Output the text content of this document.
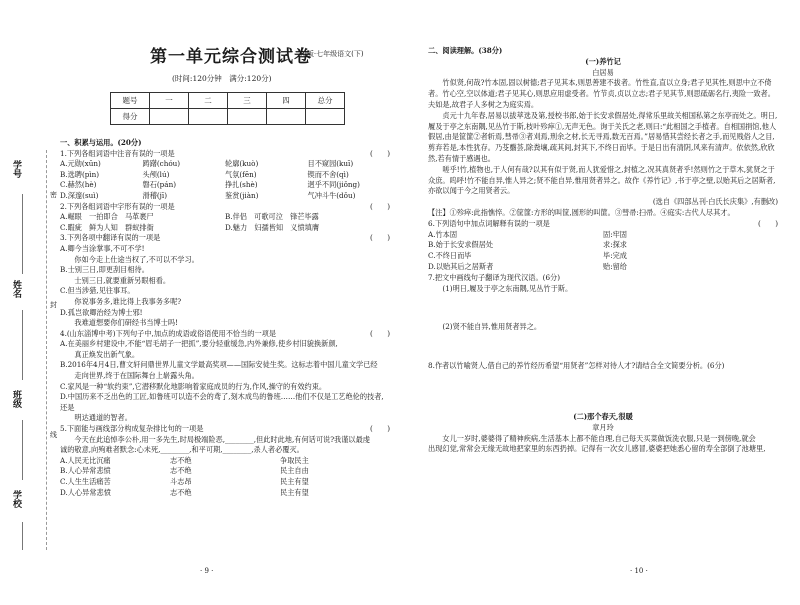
学号
姓名
班级
学校
密
封
线
第一单元综合测试卷
RJ版·七年级语文(下)
(时间:120分钟　满分:120分)
题号	一	二	三	四	总分
得分					
一、积累与运用。(20分)
1.下列各组词语中注音有误的一项是	(　　)
A.元勋(xūn)	踌躇(chóu)	轮廓(kuò)	目不窥园(kuī)
B.选聘(pìn)	头颅(lú)	气氛(fēn)	锲而不舍(qì)
C.赫然(hè)	磐石(pán)	挣扎(shè)	迥乎不同(jiǒng)
D.深邃(suì)	滑稽(jī)	鉴赏(jiàn)	气冲斗牛(dǒu)
2.下列各组词语中字形有误的一项是	(　　)
A.崛眼　一拍即合　马革裹尸	B.伴侣　可歌可泣　锋芒毕露
C.暇疵　鲜为人知　群蚁排衙	D.魅力　妇孺皆知　义愤填膺
3.下列各项中翻译有误的一项是	(　　)
A.卿今当涂掌事,不可不学!
你如今走上仕途当权了,不可以不学习。
B.士别三日,即更刮目相待。
士别三日,就要重新另眼相看。
C.但当涉猎,见往事耳。
你说事务多,谁比得上我事务多呢?
D.孤岂欲卿治经为博士邪!
我难道想要你们研经书当博士吗!
4.(山东淄博中考)下列句子中,加点的成语或俗语使用不恰当的一项是	(　　)
A.在美丽乡村建设中,不能“眉毛胡子一把抓”,要分轻重缓急,内外兼修,使乡村旧貌换新颜,
真正焕发出新气象。
B.2016年4月4日,曹文轩问鼎世界儿童文学最高奖项——国际安徒生奖。这标志着中国儿童文学已经
走向世界,终于在国际舞台上崭露头角。
C.家风是一种“软约束”,它潜移默化地影响着家庭成员的行为,作风,操守的有效约束。
D.中国历来不乏出色的工匠,如鲁班可以造不会的鸢了,刻木成鸟的鲁班……他们不仅是工艺绝伦的技者,还是
明达通道的智者。
5.下面能与画线部分构成复杂排比句的一项是	(　　)
今天在此追悼李公朴,用一多先生,时局极端险恶,________,但此时此地,有何话可说?我谨以最虔
诚的敬意,向殉难者默念:心未死,________,和平可期,________,杀人者必覆灭。
A.人民无比沉痛	志不绝	争取民主
B.人心异常悲愤	志不绝	民主自由
C.人生生活痛苦	斗志昂	民主有望
D.人心异常悲愤	志不绝	民主有望
· 9 ·
二、阅读理解。(38分)
(一)养竹记
白居易
竹似贤,何哉?竹本固,固以树德;君子见其本,则思善建不拔者。竹性直,直以立身;君子见其性,则思中立不倚者。竹心空,空以体道;君子见其心,则思应用虚受者。竹节贞,贞以立志;君子见其节,则思砥砺名行,夷险一致者。夫如是,故君子人多树之为庭实焉。
贞元十九年春,居易以拔萃选及第,授校书郎,始于长安求假居处,得常乐里故关相国私第之东亭而处之。明日,履及于亭之东南隅,见丛竹于斯,枝叶殄瘁①,无声无色。询于关氏之老,则曰:“此相国之手植者。自相国捐馆,他人假居,由是筐篚②者斩焉,彗帚③者刈焉,刑余之材,长无寻焉,数无百焉。”居易惜其尝经长者之手,而见贱俗人之目,剪弃若是,本性犹存。乃芟蘙荟,除粪壤,疏其间,封其下,不终日而毕。于是日出有清阴,风来有清声。依依然,欣欣然,若有情于感遇也。
嗟乎!竹,植物也,于人何有哉?以其有似于贤,而人犹爱惜之,封植之,况其真贤者乎!然则竹之于草木,犹贤之于众庶。呜呼!竹不能自异,惟人异之;贤不能自异,惟用贤者异之。故作《养竹记》,书于亭之壁,以贻其后之居斯者,亦欲以闻于今之用贤者云。
(选自《四部丛刊·白氏长庆集》,有删改)
【注】①殄瘁:此指憔悴。②筐篚:方形的叫筐,圆形的叫篚。③彗帚:扫帚。④庭实:古代人尽其才。
6.下列语句中加点词解释有误的一项是	(　　)
A.竹本固	固:牢固
B.始于长安求假居处	求:探求
C.不终日而毕	毕:完成
D.以贻其后之居斯者	贻:留给
7.把文中画线句子翻译为现代汉语。(6分)
(1)明日,履及于亭之东南隅,见丛竹于斯。
(2)贤不能自异,惟用贤者异之。
8.作者以竹喻贤人,借自己的养竹经历希望“用贤者”怎样对待人才?请结合全文简要分析。(6分)
(二)那个春天,很暖
章月玲
女儿一岁时,婆婆得了精神疾病,生活基本上都不能自理,自己每天买菜做饭洗衣服,只是一到傍晚,就会
出现幻觉,常常会无缘无故地把家里的东西扔掉。记得有一次女儿感冒,婆婆把她悉心留的寿全部倒了池塘里,
· 10 ·
